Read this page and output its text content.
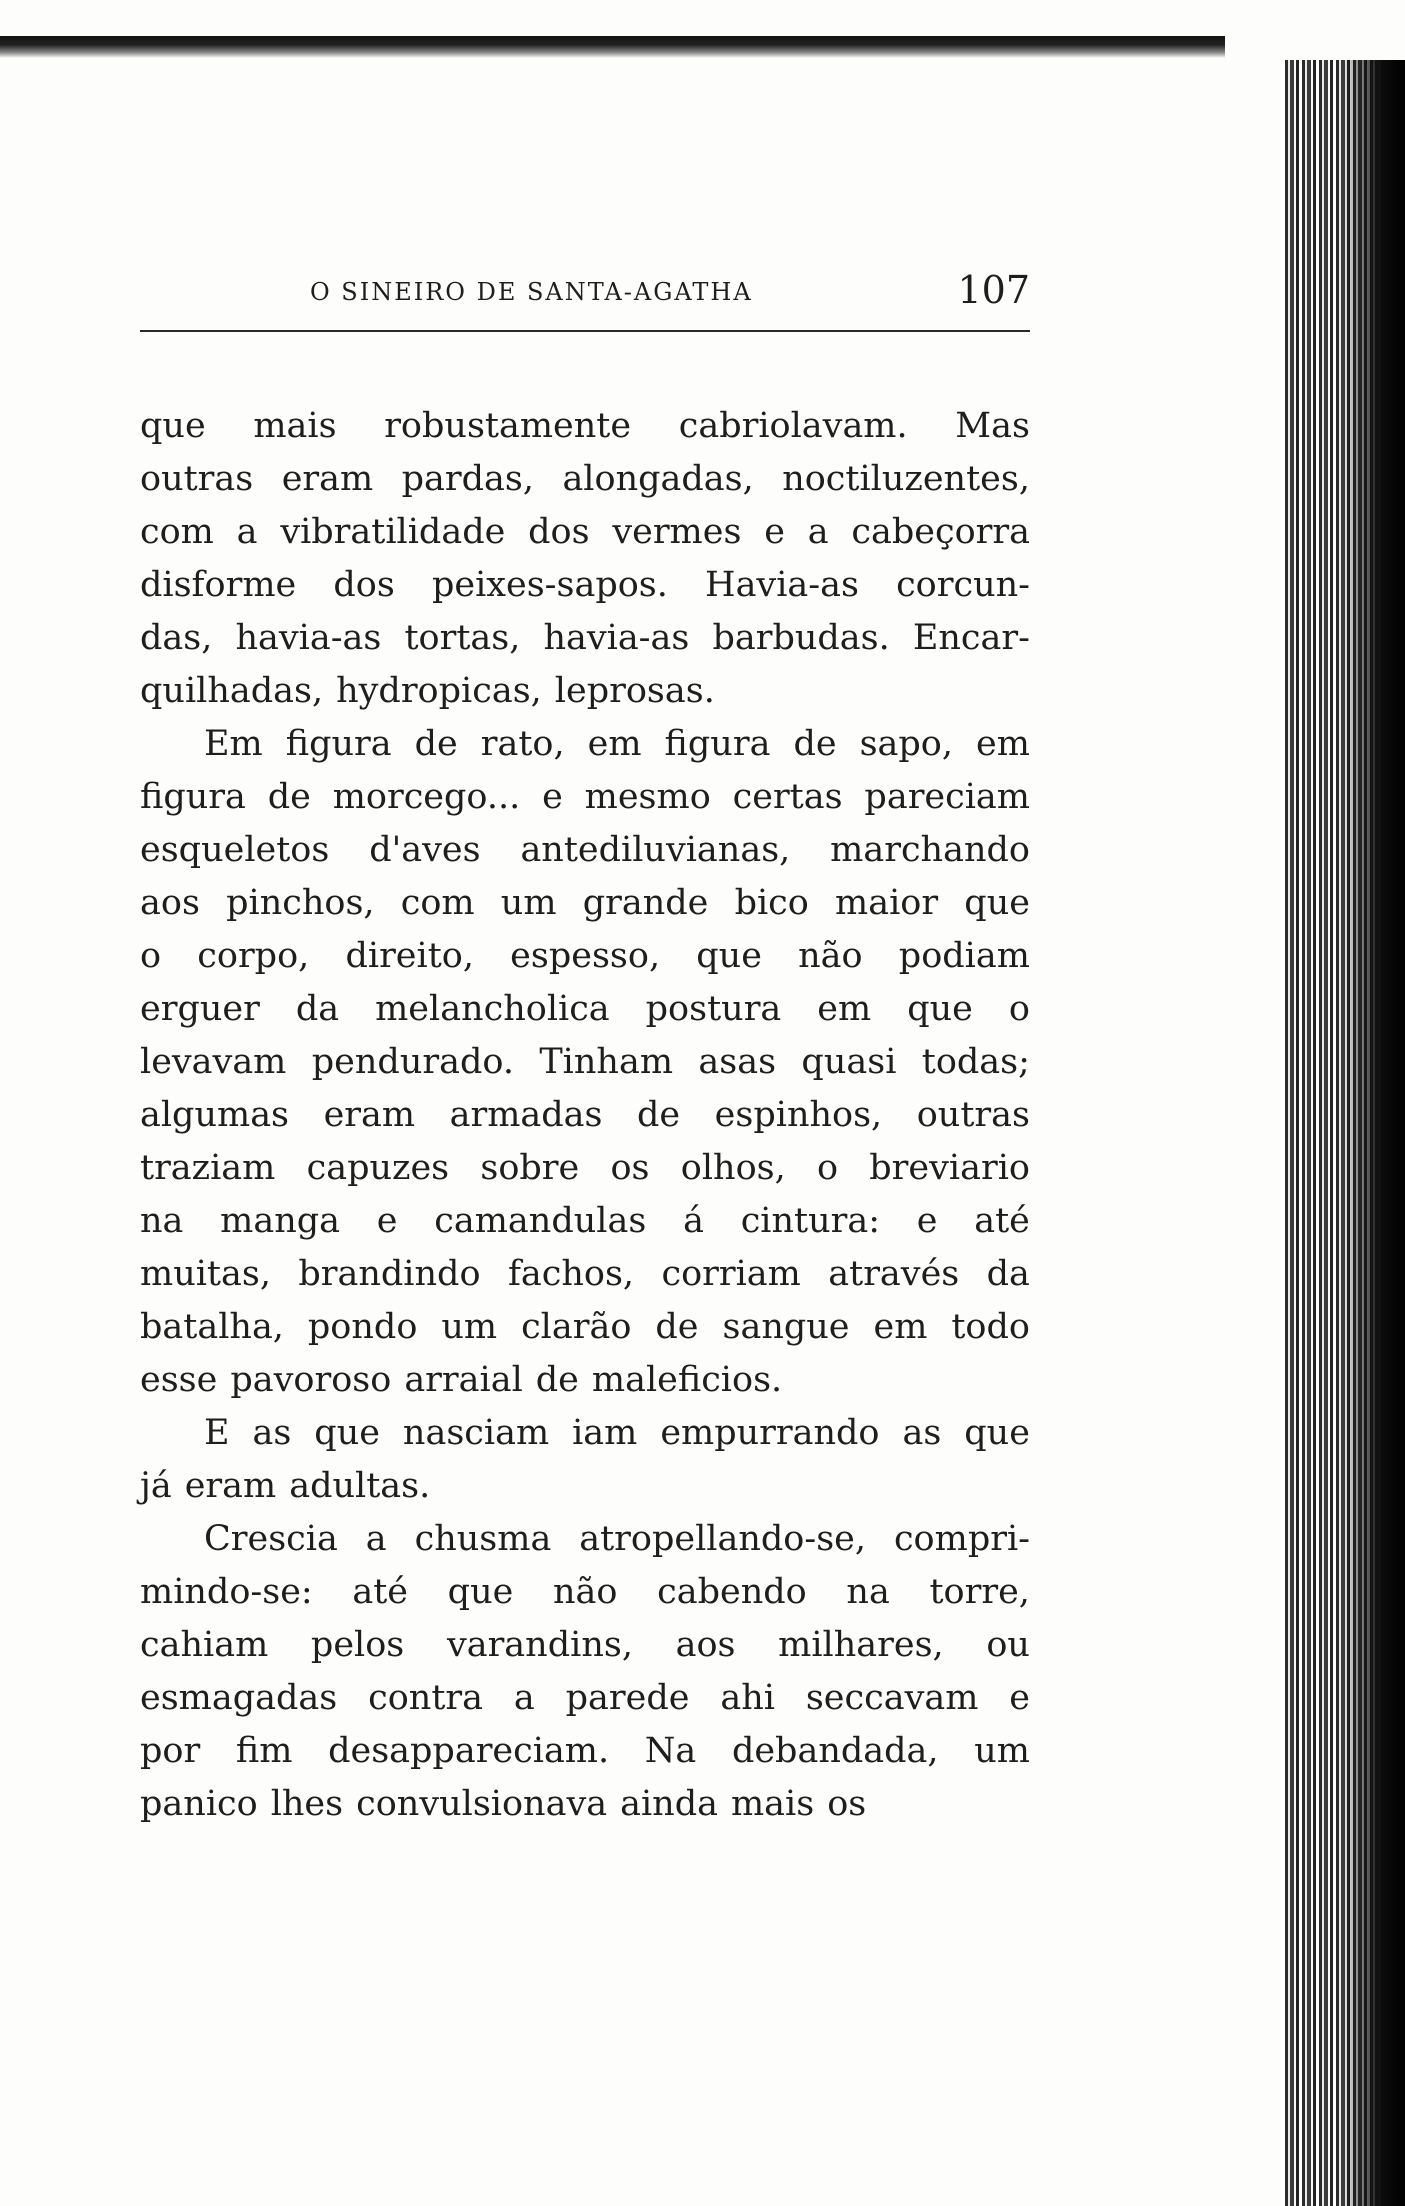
O SINEIRO DE SANTA-AGATHA	107
que mais robustamente cabriolavam. Mas
outras eram pardas, alongadas, noctiluzentes,
com a vibratilidade dos vermes e a cabeçorra
disforme dos peixes-sapos. Havia-as corcun-
das, havia-as tortas, havia-as barbudas. Encar-
quilhadas, hydropicas, leprosas.
Em figura de rato, em figura de sapo, em
figura de morcego... e mesmo certas pareciam
esqueletos d'aves antediluvianas, marchando
aos pinchos, com um grande bico maior que
o corpo, direito, espesso, que não podiam
erguer da melancholica postura em que o
levavam pendurado. Tinham asas quasi todas;
algumas eram armadas de espinhos, outras
traziam capuzes sobre os olhos, o breviario
na manga e camandulas á cintura: e até
muitas, brandindo fachos, corriam através da
batalha, pondo um clarão de sangue em todo
esse pavoroso arraial de maleficios.
E as que nasciam iam empurrando as que
já eram adultas.
Crescia a chusma atropellando-se, compri-
mindo-se: até que não cabendo na torre,
cahiam pelos varandins, aos milhares, ou
esmagadas contra a parede ahi seccavam e
por fim desappareciam. Na debandada, um
panico lhes convulsionava ainda mais os
